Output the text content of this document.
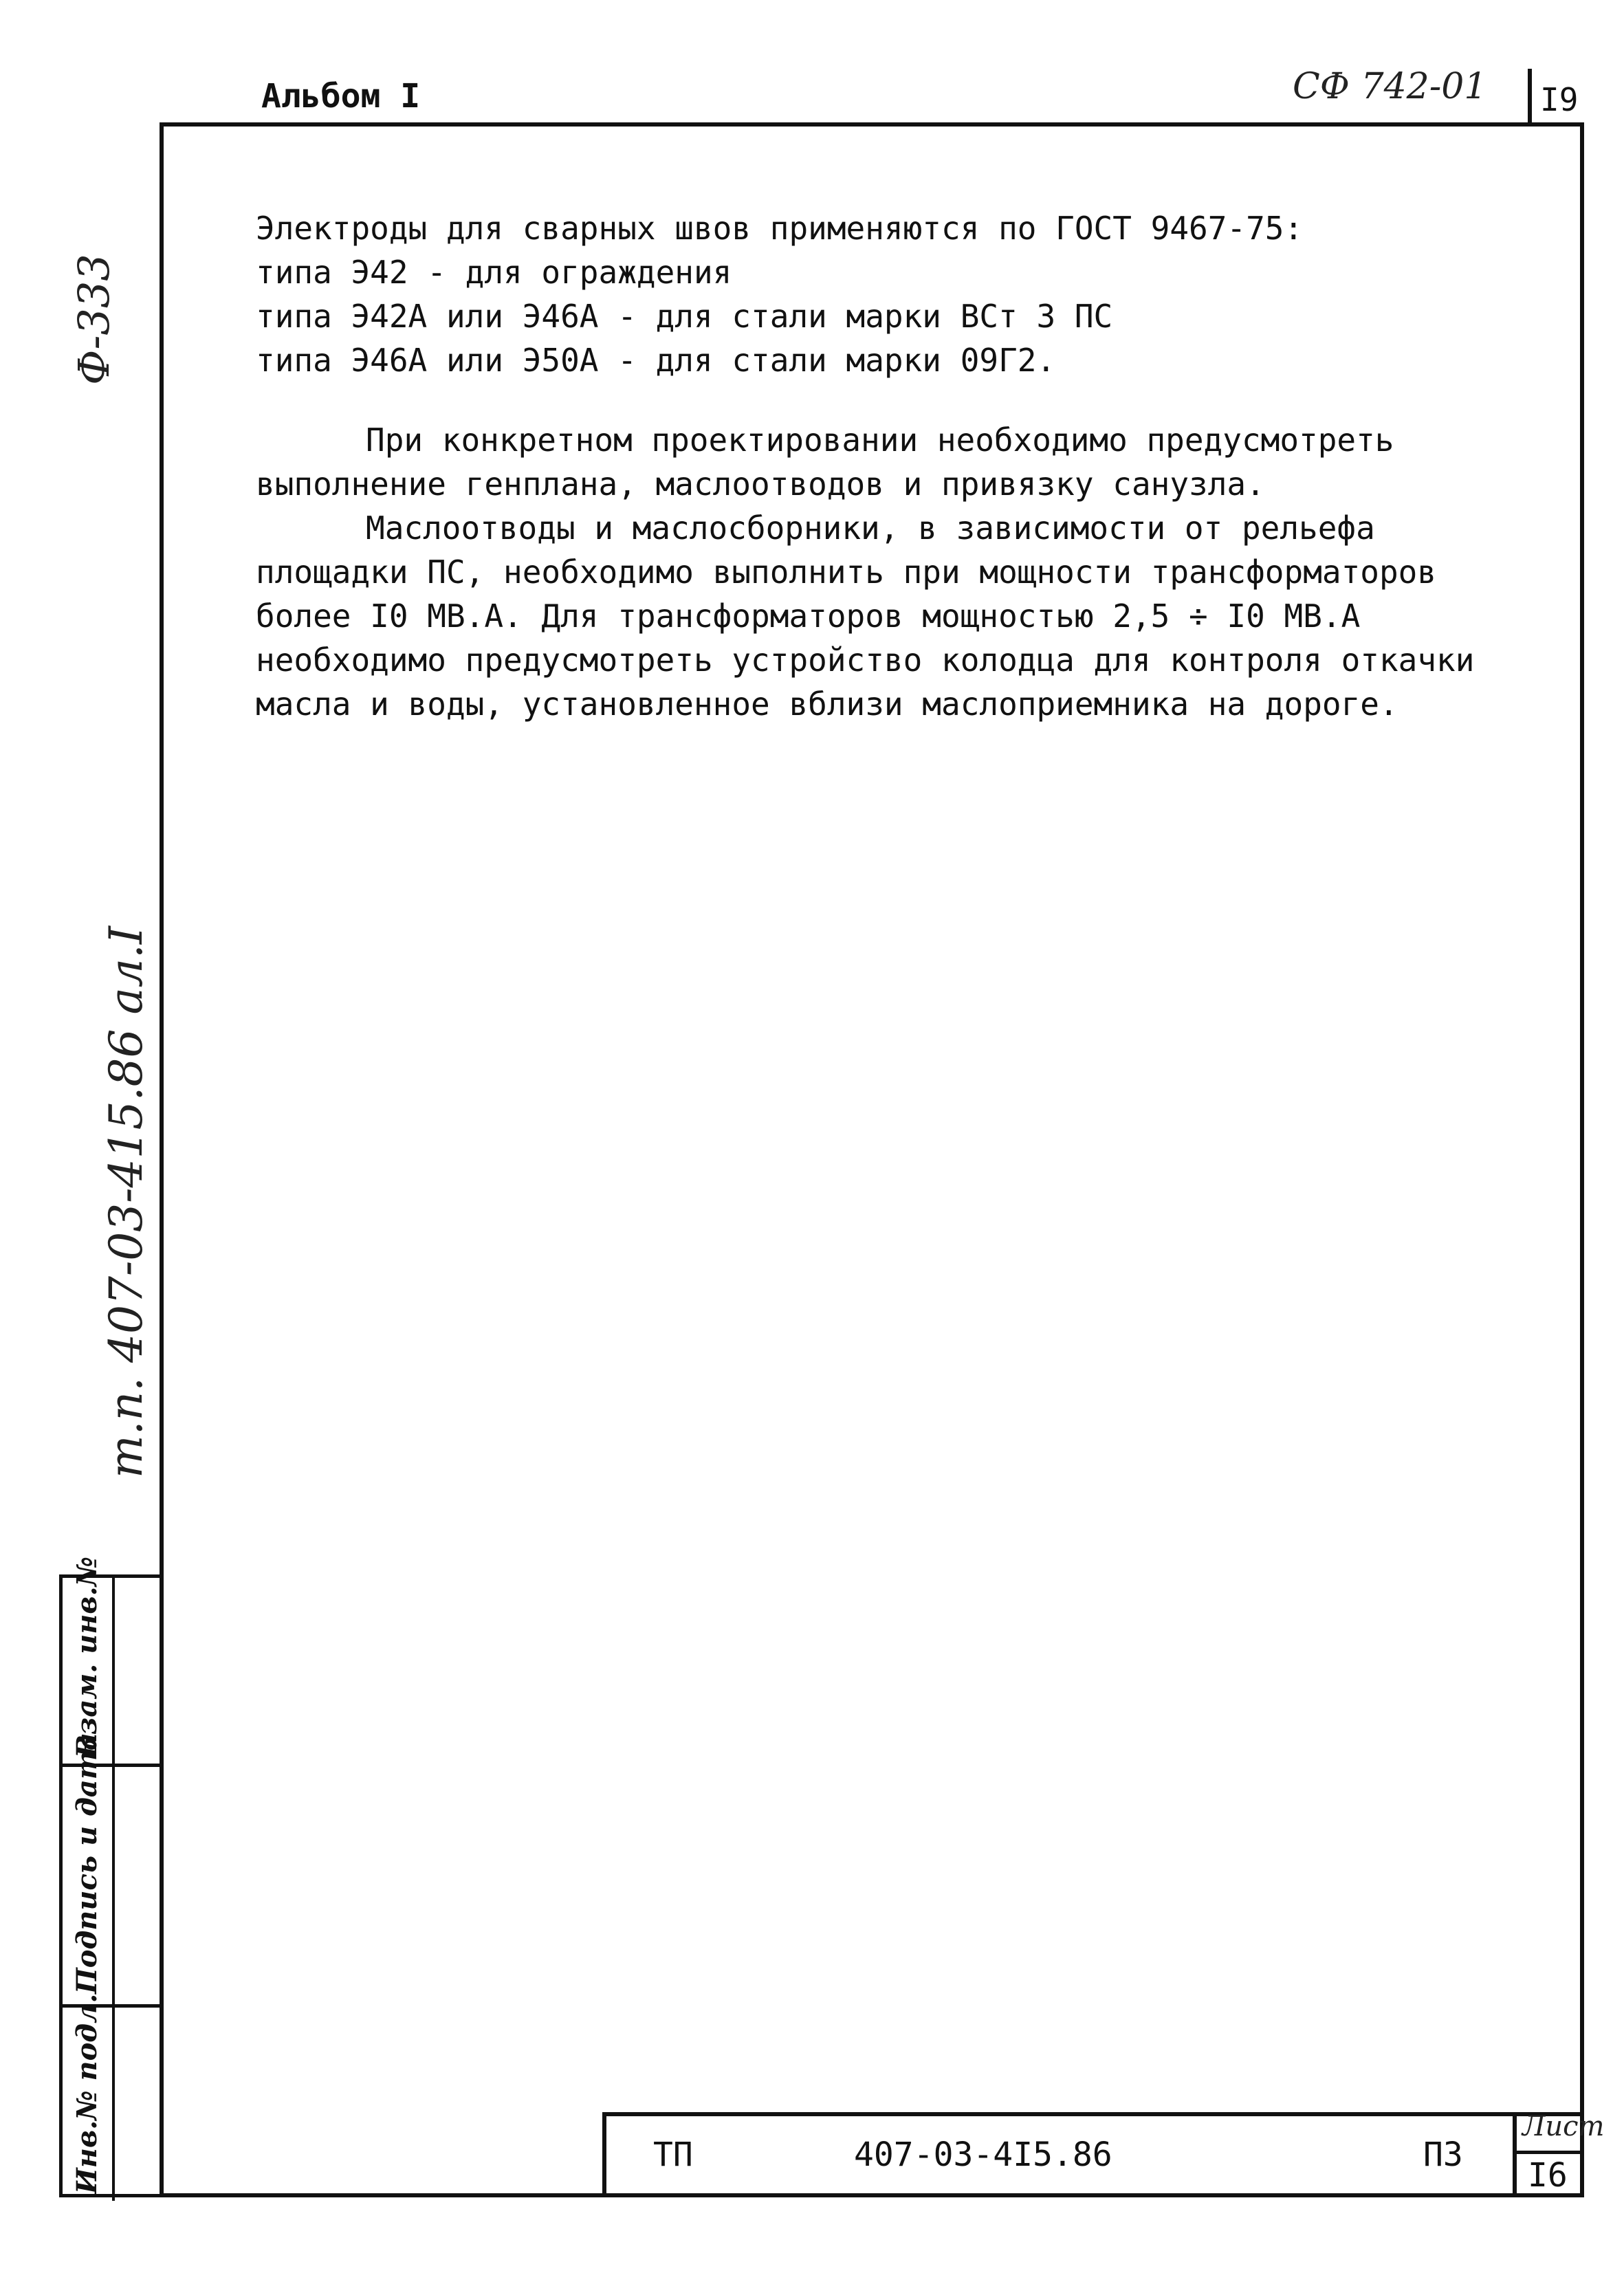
Альбом I	СФ 742-01 I9
Ф-333
т.п. 407-03-415.86 ал.I
Взам. инв.№
Подпись и дата
Инв.№ подл.
Электроды для сварных швов применяются по ГОСТ 9467-75:
типа Э42 - для ограждения
типа Э42А или Э46А - для стали марки ВСт 3 ПС
типа Э46А или Э50А - для стали марки 09Г2.
При конкретном проектировании необходимо предусмотреть
выполнение генплана, маслоотводов и привязку санузла.
Маслоотводы и маслосборники, в зависимости от рельефа
площадки ПС, необходимо выполнить при мощности трансформаторов
более I0 МВ.А. Для трансформаторов мощностью 2,5 ÷ I0 МВ.А
необходимо предусмотреть устройство колодца для контроля откачки
масла и воды, установленное вблизи маслоприемника на дороге.
ТП	407-03-4I5.86	ПЗ
Лист
I6
